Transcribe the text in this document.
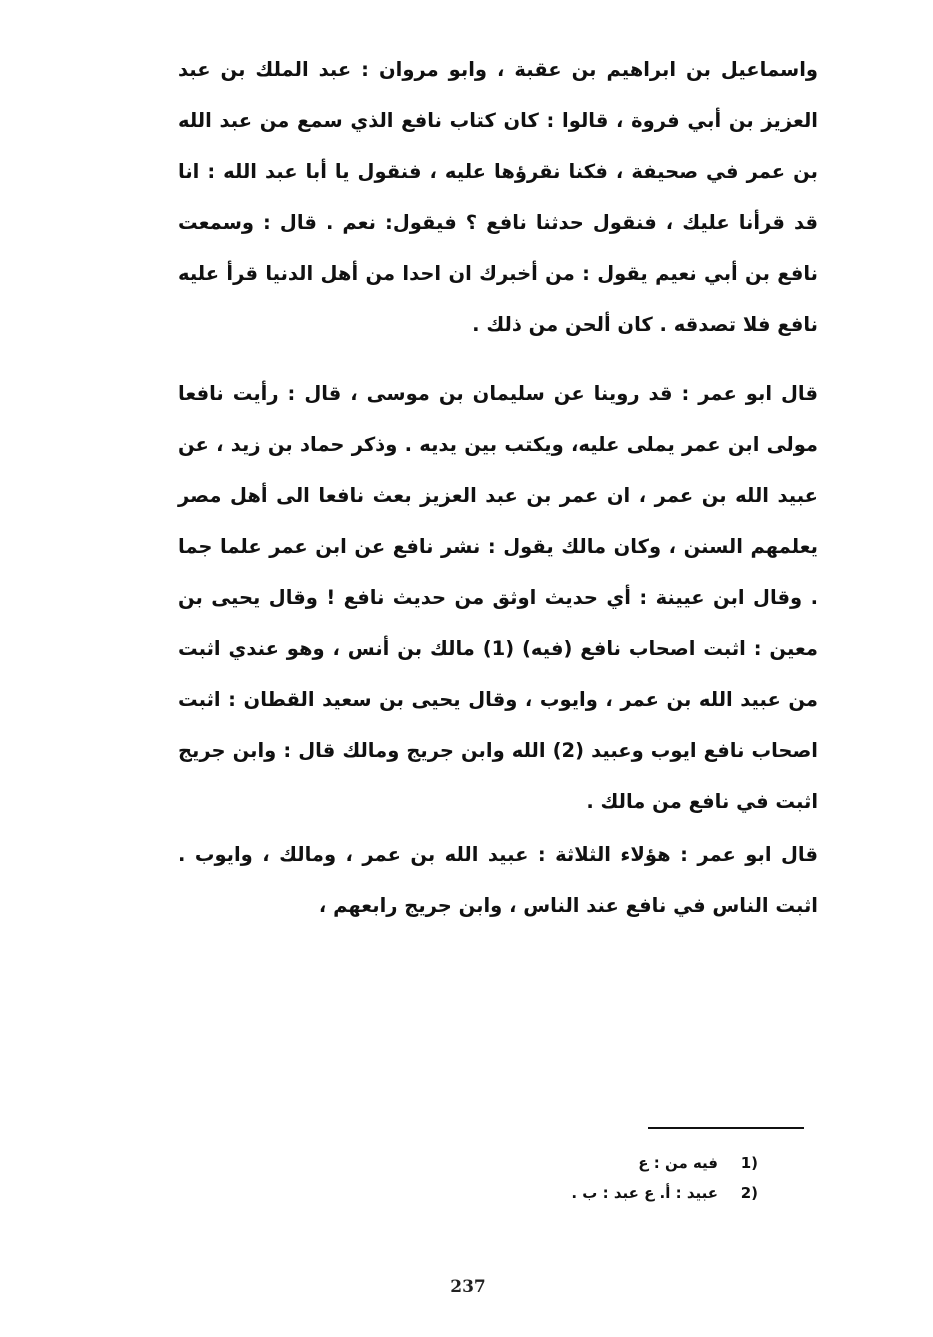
واسماعيل بن ابراهيم بن عقبة ، وابو مروان : عبد الملك بن عبد العزيز بن أبي فروة ، قالوا : كان كتاب نافع الذي سمع من عبد الله بن عمر في صحيفة ، فكنا نقرؤها عليه ، فنقول يا أبا عبد الله : انا قد قرأنا عليك ، فنقول حدثنا نافع ؟ فيقول: نعم . قال : وسمعت نافع بن أبي نعيم يقول : من أخبرك ان احدا من أهل الدنيا قرأ عليه نافع فلا تصدقه . كان ألحن من ذلك .

قال ابو عمر : قد روينا عن سليمان بن موسى ، قال : رأيت نافعا مولى ابن عمر يملى عليه، ويكتب بين يديه . وذكر حماد بن زيد ، عن عبيد الله بن عمر ، ان عمر بن عبد العزيز بعث نافعا الى أهل مصر يعلمهم السنن ، وكان مالك يقول : نشر نافع عن ابن عمر علما جما . وقال ابن عيينة : أي حديث اوثق من حديث نافع ! وقال يحيى بن معين : اثبت اصحاب نافع (فيه) (1) مالك بن أنس ، وهو عندي اثبت من عبيد الله بن عمر ، وايوب ، وقال يحيى بن سعيد القطان : اثبت اصحاب نافع ايوب وعبيد (2) الله وابن جريج ومالك قال : وابن جريج اثبت في نافع من مالك .

قال ابو عمر : هؤلاء الثلاثة : عبيد الله بن عمر ، ومالك ، وايوب . اثبت الناس في نافع عند الناس ، وابن جريج رابعهم ،

1)
فيه من : ع
2)
عبيد : أ. ع عبد : ب .
237
